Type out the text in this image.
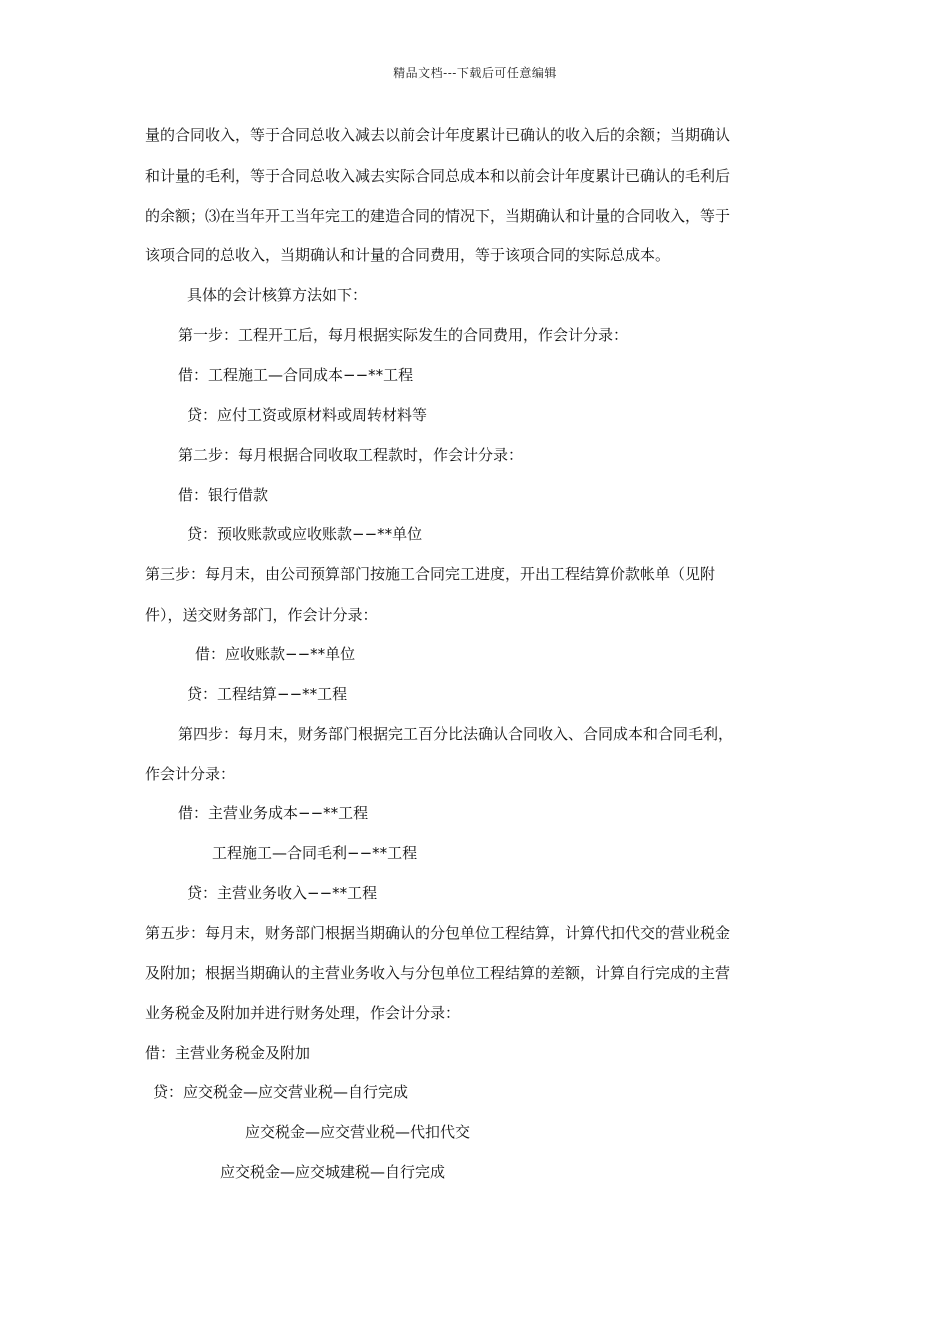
精品文档---下载后可任意编辑
量的合同收入，等于合同总收入减去以前会计年度累计已确认的收入后的余额；当期确认
和计量的毛利，等于合同总收入减去实际合同总成本和以前会计年度累计已确认的毛利后
的余额；⑶在当年开工当年完工的建造合同的情况下，当期确认和计量的合同收入，等于
该项合同的总收入，当期确认和计量的合同费用，等于该项合同的实际总成本。
具体的会计核算方法如下：
第一步：工程开工后，每月根据实际发生的合同费用，作会计分录：
借：工程施工—合同成本−−**工程
贷：应付工资或原材料或周转材料等
第二步：每月根据合同收取工程款时，作会计分录：
借：银行借款
贷：预收账款或应收账款−−**单位
第三步：每月末，由公司预算部门按施工合同完工进度，开出工程结算价款帐单（见附
件），送交财务部门，作会计分录：
借：应收账款−−**单位
贷：工程结算−−**工程
第四步：每月末，财务部门根据完工百分比法确认合同收入、合同成本和合同毛利，
作会计分录：
借：主营业务成本−−**工程
工程施工—合同毛利−−**工程
贷：主营业务收入−−**工程
第五步：每月末，财务部门根据当期确认的分包单位工程结算，计算代扣代交的营业税金
及附加；根据当期确认的主营业务收入与分包单位工程结算的差额，计算自行完成的主营
业务税金及附加并进行财务处理，作会计分录：
借：主营业务税金及附加
贷：应交税金—应交营业税—自行完成
应交税金—应交营业税—代扣代交
应交税金—应交城建税—自行完成
